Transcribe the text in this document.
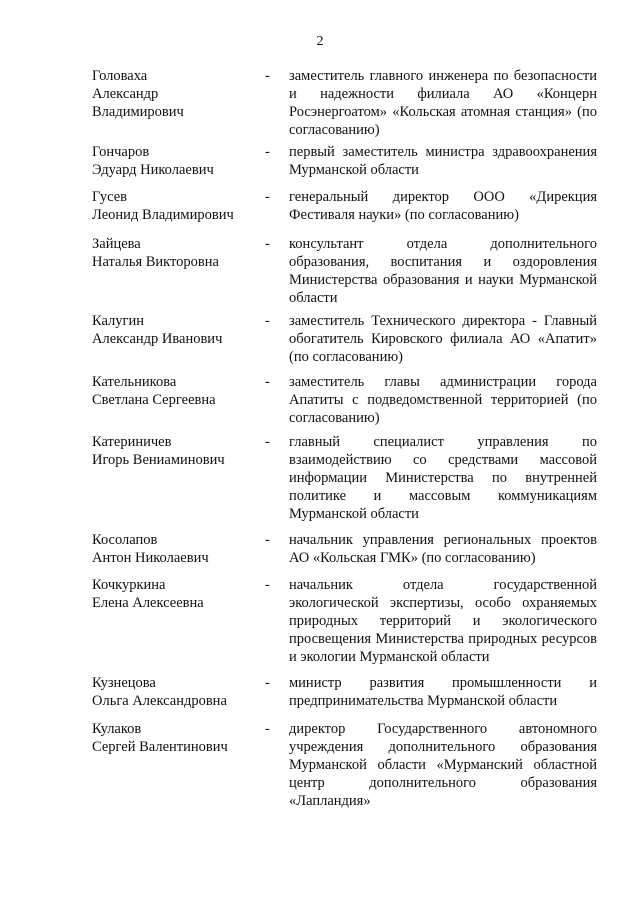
2
Головаха
Александр
Владимирович
- заместитель главного инженера по безопасности и надежности филиала АО «Концерн Росэнергоатом» «Кольская атомная станция» (по согласованию)
Гончаров
Эдуард Николаевич
- первый заместитель министра здравоохранения Мурманской области
Гусев
Леонид Владимирович
- генеральный директор ООО «Дирекция Фестиваля науки» (по согласованию)
Зайцева
Наталья Викторовна
- консультант отдела дополнительного образования, воспитания и оздоровления Министерства образования и науки Мурманской области
Калугин
Александр Иванович
- заместитель Технического директора - Главный обогатитель Кировского филиала АО «Апатит» (по согласованию)
Кательникова
Светлана Сергеевна
- заместитель главы администрации города Апатиты с подведомственной территорией (по согласованию)
Катериничев
Игорь Вениаминович
- главный специалист управления по взаимодействию со средствами массовой информации Министерства по внутренней политике и массовым коммуникациям Мурманской области
Косолапов
Антон Николаевич
- начальник управления региональных проектов АО «Кольская ГМК» (по согласованию)
Кочкуркина
Елена Алексеевна
- начальник отдела государственной экологической экспертизы, особо охраняемых природных территорий и экологического просвещения Министерства природных ресурсов и экологии Мурманской области
Кузнецова
Ольга Александровна
- министр развития промышленности и предпринимательства Мурманской области
Кулаков
Сергей Валентинович
- директор Государственного автономного учреждения дополнительного образования Мурманской области «Мурманский областной центр дополнительного образования «Лапландия»
